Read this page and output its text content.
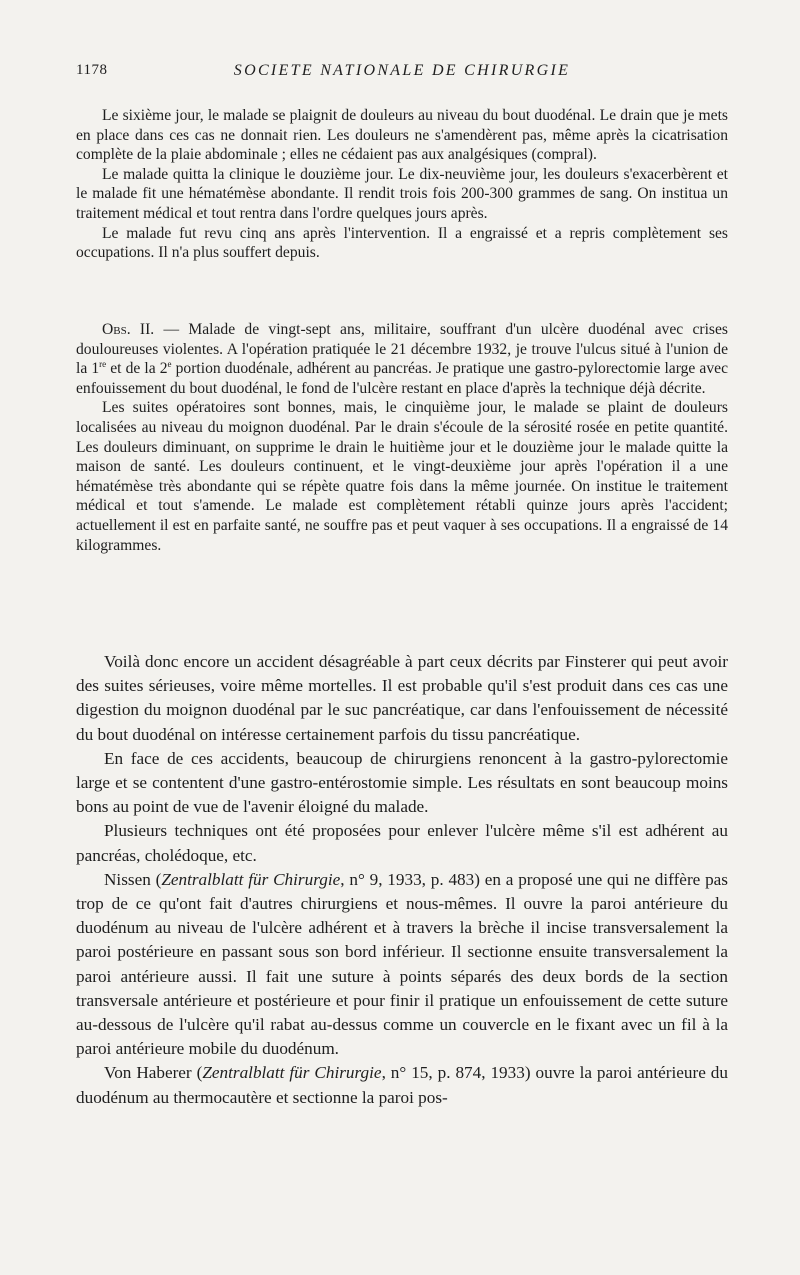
1178	SOCIETE NATIONALE DE CHIRURGIE

Le sixième jour, le malade se plaignit de douleurs au niveau du bout duodénal. Le drain que je mets en place dans ces cas ne donnait rien. Les douleurs ne s'amendèrent pas, même après la cicatrisation complète de la plaie abdominale ; elles ne cédaient pas aux analgésiques (compral).

Le malade quitta la clinique le douzième jour. Le dix-neuvième jour, les douleurs s'exacerbèrent et le malade fit une hématémèse abondante. Il rendit trois fois 200-300 grammes de sang. On institua un traitement médical et tout rentra dans l'ordre quelques jours après.

Le malade fut revu cinq ans après l'intervention. Il a engraissé et a repris complètement ses occupations. Il n'a plus souffert depuis.

Obs. II. — Malade de vingt-sept ans, militaire, souffrant d'un ulcère duodénal avec crises douloureuses violentes. A l'opération pratiquée le 21 décembre 1932, je trouve l'ulcus situé à l'union de la 1re et de la 2e portion duodénale, adhérent au pancréas. Je pratique une gastro-pylorectomie large avec enfouissement du bout duodénal, le fond de l'ulcère restant en place d'après la technique déjà décrite.

Les suites opératoires sont bonnes, mais, le cinquième jour, le malade se plaint de douleurs localisées au niveau du moignon duodénal. Par le drain s'écoule de la sérosité rosée en petite quantité. Les douleurs diminuant, on supprime le drain le huitième jour et le douzième jour le malade quitte la maison de santé. Les douleurs continuent, et le vingt-deuxième jour après l'opération il a une hématémèse très abondante qui se répète quatre fois dans la même journée. On institue le traitement médical et tout s'amende. Le malade est complètement rétabli quinze jours après l'accident; actuellement il est en parfaite santé, ne souffre pas et peut vaquer à ses occupations. Il a engraissé de 14 kilogrammes.

Voilà donc encore un accident désagréable à part ceux décrits par Finsterer qui peut avoir des suites sérieuses, voire même mortelles. Il est probable qu'il s'est produit dans ces cas une digestion du moignon duodénal par le suc pancréatique, car dans l'enfouissement de nécessité du bout duodénal on intéresse certainement parfois du tissu pancréatique.

En face de ces accidents, beaucoup de chirurgiens renoncent à la gastro-pylorectomie large et se contentent d'une gastro-entérostomie simple. Les résultats en sont beaucoup moins bons au point de vue de l'avenir éloigné du malade.

Plusieurs techniques ont été proposées pour enlever l'ulcère même s'il est adhérent au pancréas, cholédoque, etc.

Nissen (Zentralblatt für Chirurgie, n° 9, 1933, p. 483) en a proposé une qui ne diffère pas trop de ce qu'ont fait d'autres chirurgiens et nous-mêmes. Il ouvre la paroi antérieure du duodénum au niveau de l'ulcère adhérent et à travers la brèche il incise transversalement la paroi postérieure en passant sous son bord inférieur. Il sectionne ensuite transversalement la paroi antérieure aussi. Il fait une suture à points séparés des deux bords de la section transversale antérieure et postérieure et pour finir il pratique un enfouissement de cette suture au-dessous de l'ulcère qu'il rabat au-dessus comme un couvercle en le fixant avec un fil à la paroi antérieure mobile du duodénum.

Von Haberer (Zentralblatt für Chirurgie, n° 15, p. 874, 1933) ouvre la paroi antérieure du duodénum au thermocautère et sectionne la paroi pos-
